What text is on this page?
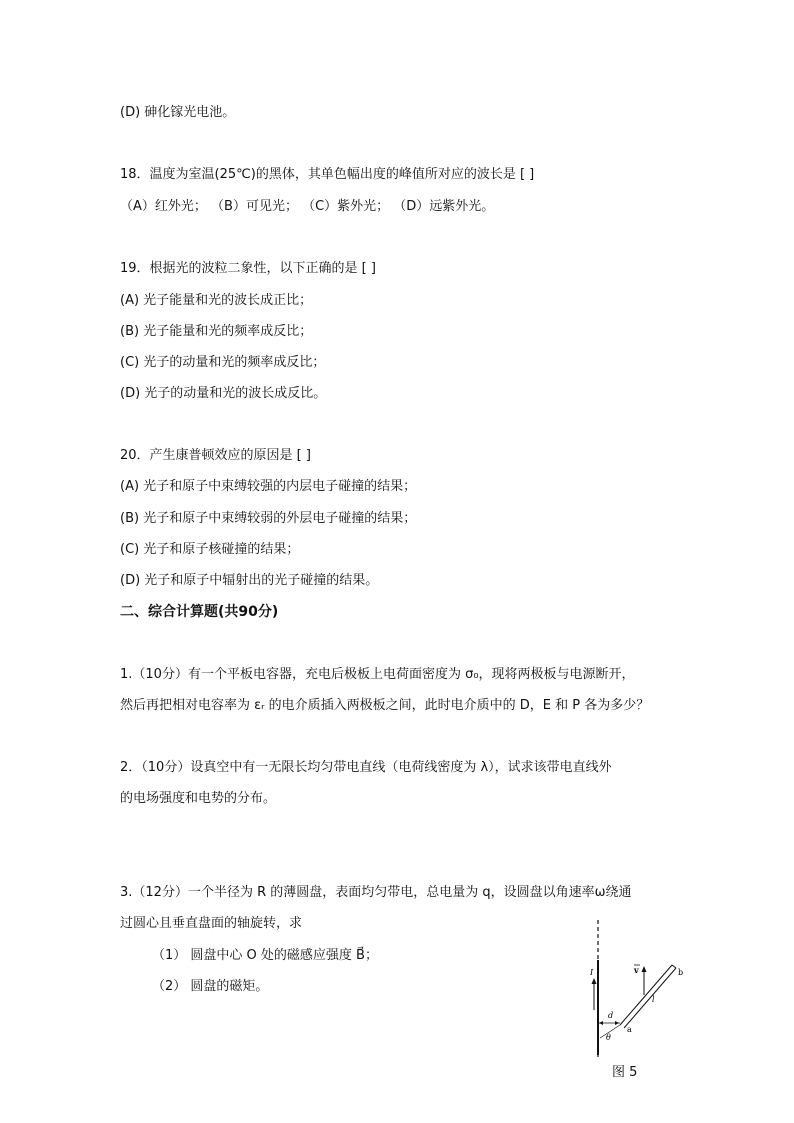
(D) 砷化镓光电池。
18．温度为室温(25℃)的黑体，其单色幅出度的峰值所对应的波长是 [ ]
（A）红外光； （B）可见光； （C）紫外光； （D）远紫外光。
19．根据光的波粒二象性，以下正确的是 [ ]
(A) 光子能量和光的波长成正比；
(B) 光子能量和光的频率成反比；
(C) 光子的动量和光的频率成反比；
(D) 光子的动量和光的波长成反比。
20．产生康普顿效应的原因是 [ ]
(A) 光子和原子中束缚较强的内层电子碰撞的结果；
(B) 光子和原子中束缚较弱的外层电子碰撞的结果；
(C) 光子和原子核碰撞的结果；
(D) 光子和原子中辐射出的光子碰撞的结果。
二、综合计算题(共90分)
1.（10分）有一个平板电容器，充电后极板上电荷面密度为 σ₀，现将两极板与电源断开，
然后再把相对电容率为 εᵣ 的电介质插入两极板之间，此时电介质中的 D，E 和 P 各为多少？
2．（10分）设真空中有一无限长均匀带电直线（电荷线密度为 λ），试求该带电直线外
的电场强度和电势的分布。
3.（12分）一个半径为 R 的薄圆盘，表面均匀带电，总电量为 q，设圆盘以角速率ω绕通
过圆心且垂直盘面的轴旋转，求
（1） 圆盘中心 O 处的磁感应强度 B⃗；
（2） 圆盘的磁矩。
I	v	b
l
d
a
θ
图 5
